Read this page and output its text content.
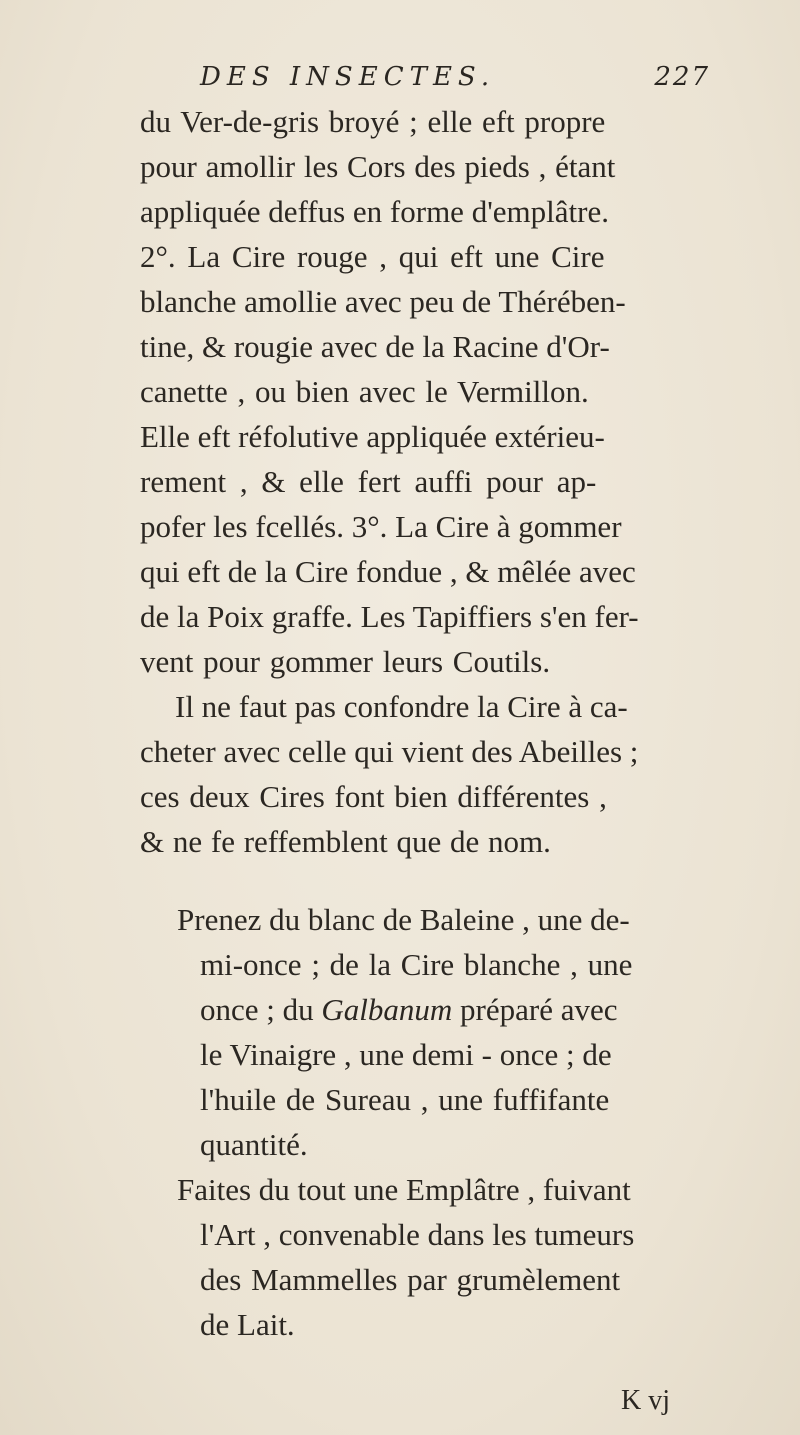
DES INSECTES.	227
du Ver-de-gris broyé ; elle eft propre
pour amollir les Cors des pieds , étant
appliquée deffus en forme d'emplâtre.
2°. La Cire rouge , qui eft une Cire
blanche amollie avec peu de Thérében-
tine, & rougie avec de la Racine d'Or-
canette , ou bien avec le Vermillon.
Elle eft réfolutive appliquée extérieu-
rement , & elle fert auffi pour ap-
pofer les fcellés. 3°. La Cire à gommer
qui eft de la Cire fondue , & mêlée avec
de la Poix graffe. Les Tapiffiers s'en fer-
vent pour gommer leurs Coutils.
Il ne faut pas confondre la Cire à ca-
cheter avec celle qui vient des Abeilles ;
ces deux Cires font bien différentes ,
& ne fe reffemblent que de nom.
Prenez du blanc de Baleine , une de-
mi-once ; de la Cire blanche , une
once ; du Galbanum préparé avec
le Vinaigre , une demi - once ; de
l'huile de Sureau , une fuffifante
quantité.
Faites du tout une Emplâtre , fuivant
l'Art , convenable dans les tumeurs
des Mammelles par grumèlement
de Lait.
K vj
